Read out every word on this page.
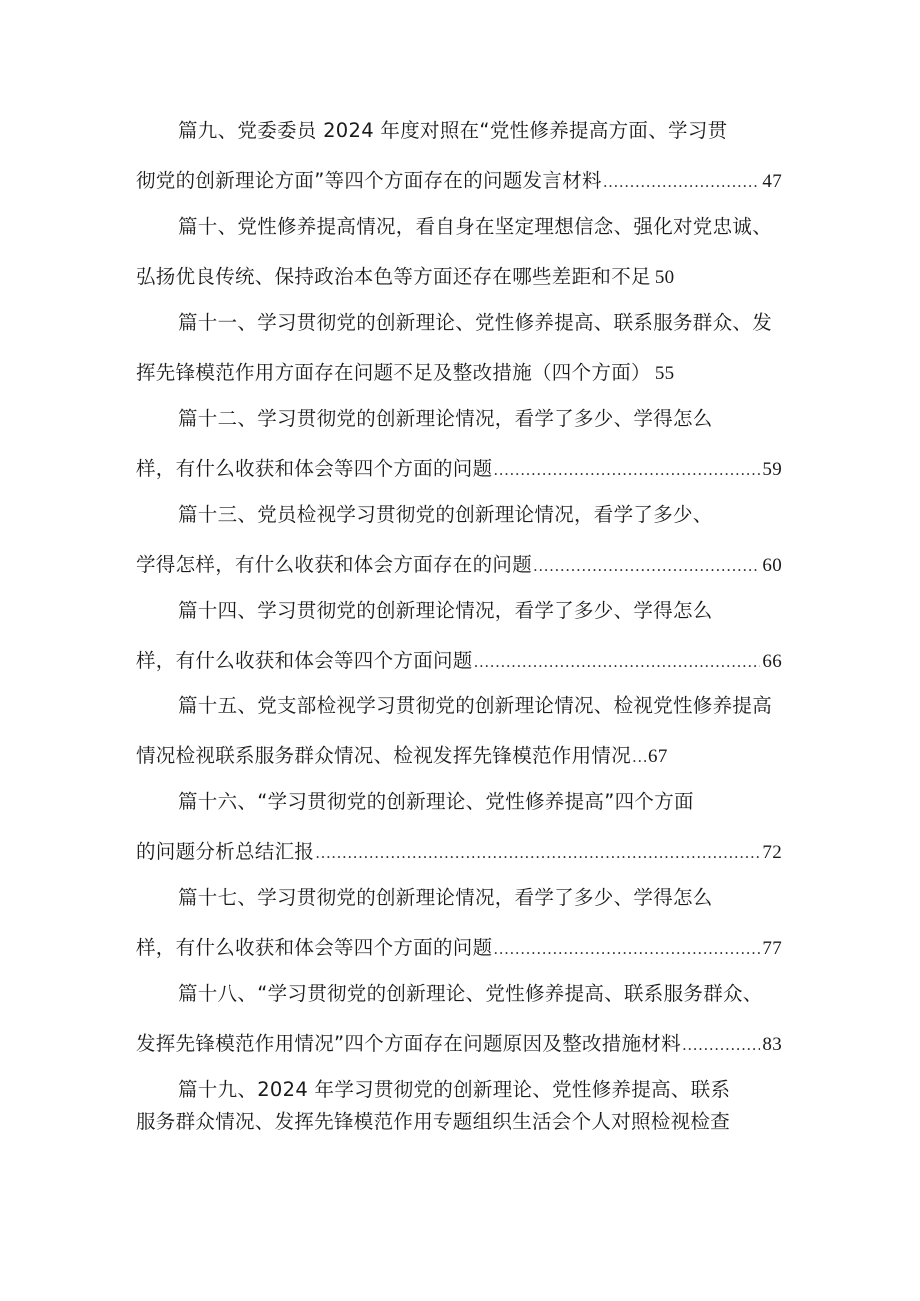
篇九、党委委员 2024 年度对照在“党性修养提高方面、学习贯
彻党的创新理论方面”等四个方面存在的问题发言材料 .....	47
篇十、党性修养提高情况，看自身在坚定理想信念、强化对党忠诚、
弘扬优良传统、保持政治本色等方面还存在哪些差距和不足 50
篇十一、学习贯彻党的创新理论、党性修养提高、联系服务群众、发
挥先锋模范作用方面存在问题不足及整改措施（四个方面） 55
篇十二、学习贯彻党的创新理论情况，看学了多少、学得怎么
样，有什么收获和体会等四个方面的问题 .....	59
篇十三、党员检视学习贯彻党的创新理论情况，看学了多少、
学得怎样，有什么收获和体会方面存在的问题 .....	60
篇十四、学习贯彻党的创新理论情况，看学了多少、学得怎么
样，有什么收获和体会等四个方面问题 .....	66
篇十五、党支部检视学习贯彻党的创新理论情况、检视党性修养提高
情况检视联系服务群众情况、检视发挥先锋模范作用情况 ..... 67
篇十六、“学习贯彻党的创新理论、党性修养提高”四个方面
的问题分析总结汇报 .....	72
篇十七、学习贯彻党的创新理论情况，看学了多少、学得怎么
样，有什么收获和体会等四个方面的问题 .....	77
篇十八、“学习贯彻党的创新理论、党性修养提高、联系服务群众、
发挥先锋模范作用情况”四个方面存在问题原因及整改措施材料 .....	83
篇十九、2024 年学习贯彻党的创新理论、党性修养提高、联系
服务群众情况、发挥先锋模范作用专题组织生活会个人对照检视检查
